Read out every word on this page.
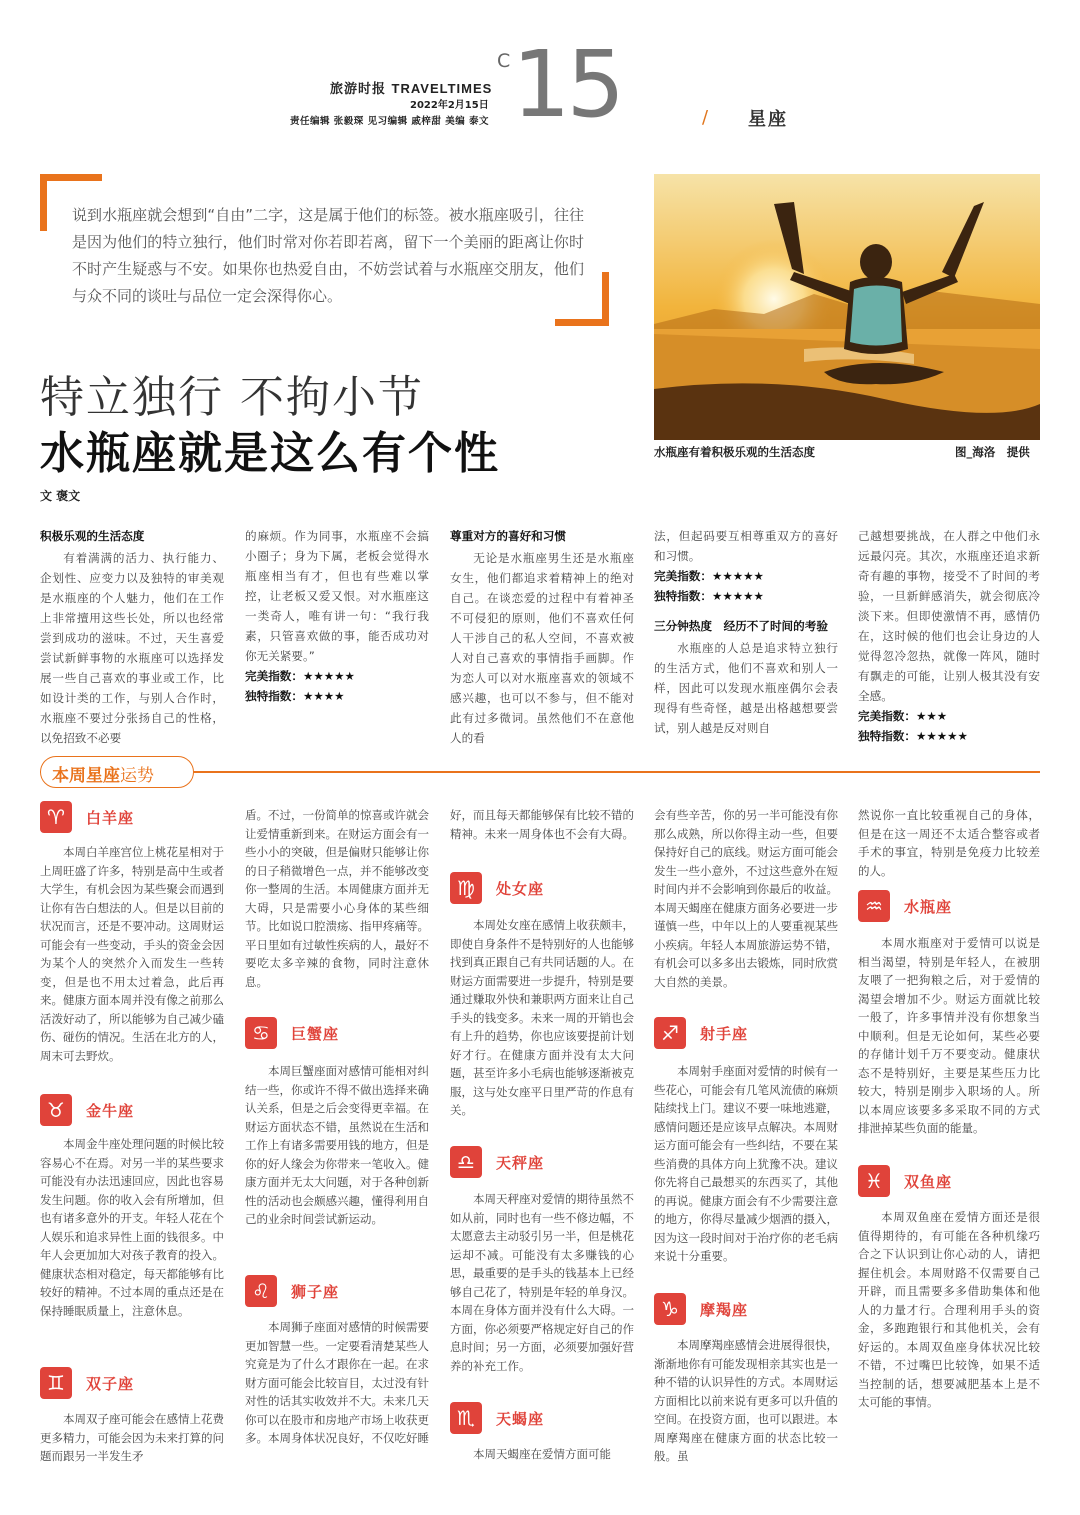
旅游时报 TRAVELTIMES
2022年2月15日
责任编辑 张毅琛 见习编辑 戚梓甜 美编 泰文
C 15	/ 星座
说到水瓶座就会想到“自由”二字，这是属于他们的标签。被水瓶座吸引，往往是因为他们的特立独行，他们时常对你若即若离，留下一个美丽的距离让你时不时产生疑惑与不安。如果你也热爱自由，不妨尝试着与水瓶座交朋友，他们与众不同的谈吐与品位一定会深得你心。
水瓶座有着积极乐观的生活态度	图_海洛　提供
特立独行 不拘小节
水瓶座就是这么有个性
文 褒文

积极乐观的生活态度

有着满满的活力、执行能力、企划性、应变力以及独特的审美观是水瓶座的个人魅力，他们在工作上非常擅用这些长处，所以也经常尝到成功的滋味。不过，天生喜爱尝试新鲜事物的水瓶座可以选择发展一些自己喜欢的事业或工作，比如设计类的工作，与别人合作时，水瓶座不要过分张扬自己的性格，以免招致不必要

的麻烦。作为同事，水瓶座不会搞小圈子；身为下属，老板会觉得水瓶座相当有才，但也有些难以掌控，让老板又爱又恨。对水瓶座这一类奇人，唯有讲一句：“我行我素，只管喜欢做的事，能否成功对你无关紧要。”

完美指数：★★★★★

独特指数：★★★★

尊重对方的喜好和习惯

无论是水瓶座男生还是水瓶座女生，他们都追求着精神上的绝对自己。在谈恋爱的过程中有着神圣不可侵犯的原则，他们不喜欢任何人干涉自己的私人空间，不喜欢被人对自己喜欢的事情指手画脚。作为恋人可以对水瓶座喜欢的领域不感兴趣，也可以不参与，但不能对此有过多微词。虽然他们不在意他人的看

法，但起码要互相尊重双方的喜好和习惯。

完美指数：★★★★★

独特指数：★★★★★

三分钟热度　经历不了时间的考验

水瓶座的人总是追求特立独行的生活方式，他们不喜欢和别人一样，因此可以发现水瓶座偶尔会表现得有些奇怪，越是出格越想要尝试，别人越是反对则自

己越想要挑战，在人群之中他们永远最闪亮。其次，水瓶座还追求新奇有趣的事物，接受不了时间的考验，一旦新鲜感消失，就会彻底冷淡下来。但即使激情不再，感情仍在，这时候的他们也会让身边的人觉得忽冷忽热，就像一阵风，随时有飘走的可能，让别人极其没有安全感。

完美指数：★★★

独特指数：★★★★★

本周星座运势
♈	白羊座

本周白羊座宫位上桃花星相对于上周旺盛了许多，特别是高中生或者大学生，有机会因为某些聚会而遇到让你有告白想法的人。但是以目前的状况而言，还是不要冲动。这周财运可能会有一些变动，手头的资金会因为某个人的突然介入而发生一些转变，但是也不用太过着急，此后再来。健康方面本周并没有像之前那么活泼好动了，所以能够为自己减少磕伤、碰伤的情况。生活在北方的人，周末可去野炊。

♉	金牛座

本周金牛座处理问题的时候比较容易心不在焉。对另一半的某些要求可能没有办法迅速回应，因此也容易发生问题。你的收入会有所增加，但也有诸多意外的开支。年轻人花在个人娱乐和追求异性上面的钱很多。中年人会更加加大对孩子教育的投入。健康状态相对稳定，每天都能够有比较好的精神。不过本周的重点还是在保持睡眠质量上，注意休息。

♊	双子座

本周双子座可能会在感情上花费更多精力，可能会因为未来打算的问题而跟另一半发生矛

盾。不过，一份简单的惊喜或许就会让爱情重新到来。在财运方面会有一些小小的突破，但是偏财只能够让你的日子稍微增色一点，并不能够改变你一整周的生活。本周健康方面并无大碍，只是需要小心身体的某些细节。比如说口腔溃疡、指甲疼痛等。平日里如有过敏性疾病的人，最好不要吃太多辛辣的食物，同时注意休息。

♋	巨蟹座

本周巨蟹座面对感情可能相对纠结一些，你或许不得不做出选择来确认关系，但是之后会变得更幸福。在财运方面状态不错，虽然说在生活和工作上有诸多需要用钱的地方，但是你的好人缘会为你带来一笔收入。健康方面并无太大问题，对于各种创新性的活动也会颇感兴趣，懂得利用自己的业余时间尝试新运动。

♌	狮子座

本周狮子座面对感情的时候需要更加智慧一些。一定要看清楚某些人究竟是为了什么才跟你在一起。在求财方面可能会比较盲目，太过没有针对性的话其实收效并不大。未来几天你可以在股市和房地产市场上收获更多。本周身体状况良好，不仅吃好睡

好，而且每天都能够保有比较不错的精神。未来一周身体也不会有大碍。

♍	处女座

本周处女座在感情上收获颇丰，即使自身条件不是特别好的人也能够找到真正跟自己有共同话题的人。在财运方面需要进一步提升，特别是要通过赚取外快和兼职两方面来让自己手头的钱变多。未来一周的开销也会有上升的趋势，你也应该要提前计划好才行。在健康方面并没有太大问题，甚至许多小毛病也能够逐渐被克服，这与处女座平日里严苛的作息有关。

♎	天秤座

本周天秤座对爱情的期待虽然不如从前，同时也有一些不修边幅，不太愿意去主动驳引另一半，但是桃花运却不减。可能没有太多赚钱的心思，最重要的是手头的钱基本上已经够自己花了，特别是年轻的单身汉。本周在身体方面并没有什么大碍。一方面，你必须要严格规定好自己的作息时间；另一方面，必须要加强好营养的补充工作。

♏	天蝎座

本周天蝎座在爱情方面可能

会有些辛苦，你的另一半可能没有你那么成熟，所以你得主动一些，但要保持好自己的底线。财运方面可能会发生一些小意外，不过这些意外在短时间内并不会影响到你最后的收益。本周天蝎座在健康方面务必要进一步谨慎一些，中年以上的人要重视某些小疾病。年轻人本周旅游运势不错，有机会可以多多出去锻炼，同时欣赏大自然的美景。

♐	射手座

本周射手座面对爱情的时候有一些花心，可能会有几笔风流债的麻烦陆续找上门。建议不要一味地逃避，感情问题还是应该早点解决。本周财运方面可能会有一些纠结，不要在某些消费的具体方向上犹豫不决。建议你先将自己最想买的东西买了，其他的再说。健康方面会有不少需要注意的地方，你得尽量减少烟酒的摄入，因为这一段时间对于治疗你的老毛病来说十分重要。

♑	摩羯座

本周摩羯座感情会进展得很快，渐渐地你有可能发现相亲其实也是一种不错的认识异性的方式。本周财运方面相比以前来说有更多可以升值的空间。在投资方面，也可以跟进。本周摩羯座在健康方面的状态比较一般。虽

然说你一直比较重视自己的身体，但是在这一周还不太适合整容或者手术的事宜，特别是免疫力比较差的人。

♒	水瓶座

本周水瓶座对于爱情可以说是相当渴望，特别是年轻人，在被朋友喂了一把狗粮之后，对于爱情的渴望会增加不少。财运方面就比较一般了，许多事情并没有你想象当中顺利。但是无论如何，某些必要的存储计划千万不要变动。健康状态不是特别好，主要是某些压力比较大，特别是刚步入职场的人。所以本周应该要多多采取不同的方式排泄掉某些负面的能量。

♓	双鱼座

本周双鱼座在爱情方面还是很值得期待的，有可能在各种机缘巧合之下认识到让你心动的人，请把握住机会。本周财路不仅需要自己开辟，而且需要多多借助集体和他人的力量才行。合理利用手头的资金，多跑跑银行和其他机关，会有好运的。本周双鱼座身体状况比较不错，不过嘴巴比较馋，如果不适当控制的话，想要减肥基本上是不太可能的事情。
